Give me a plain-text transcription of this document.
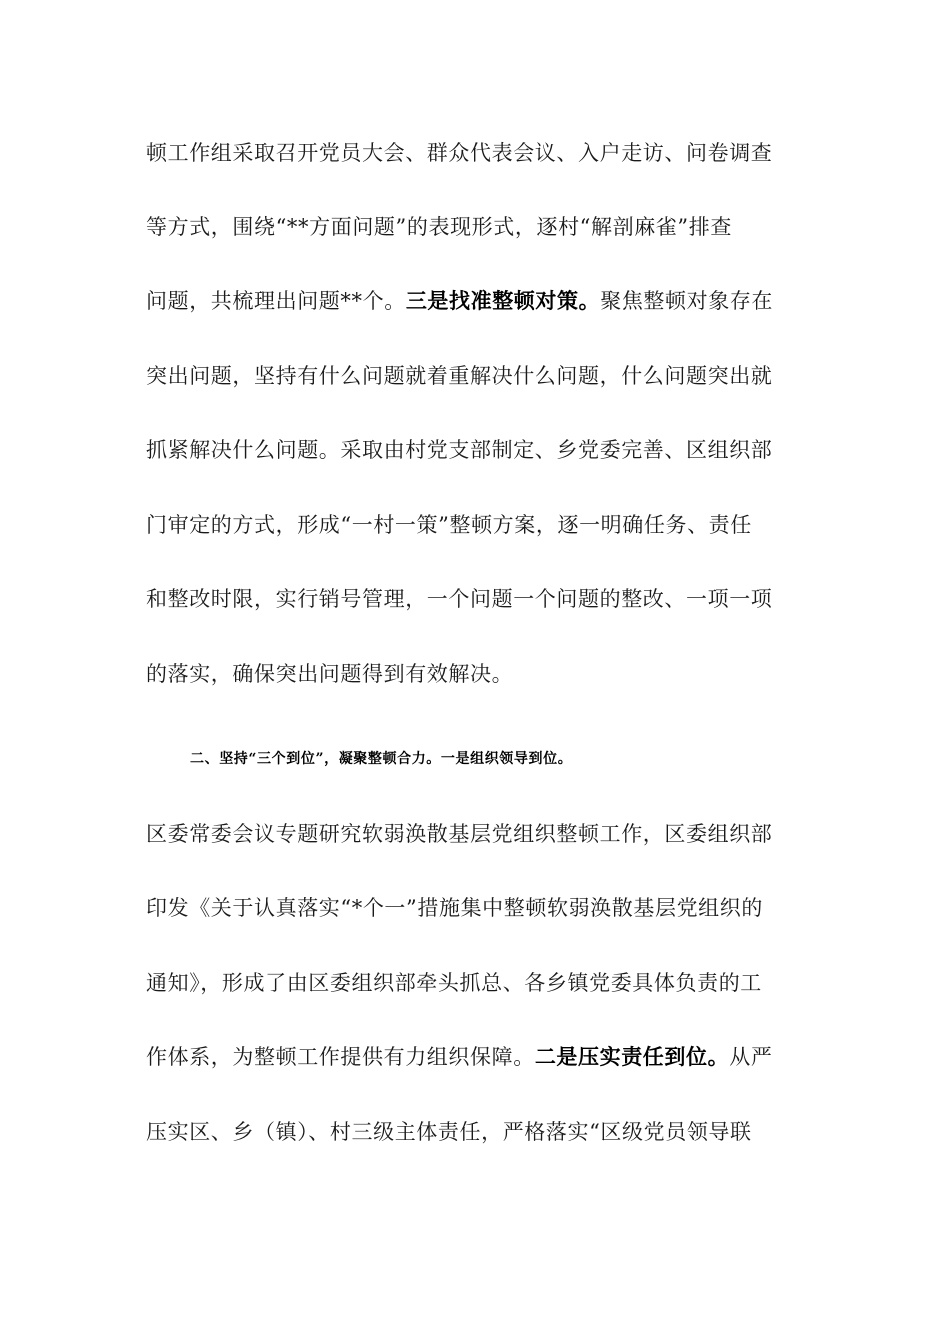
顿工作组采取召开党员大会、群众代表会议、入户走访、问卷调查
等方式，围绕“**方面问题”的表现形式，逐村“解剖麻雀”排查
问题，共梳理出问题**个。三是找准整顿对策。聚焦整顿对象存在
突出问题，坚持有什么问题就着重解决什么问题，什么问题突出就
抓紧解决什么问题。采取由村党支部制定、乡党委完善、区组织部
门审定的方式，形成“一村一策”整顿方案，逐一明确任务、责任
和整改时限，实行销号管理，一个问题一个问题的整改、一项一项
的落实，确保突出问题得到有效解决。
二、坚持“三个到位”，凝聚整顿合力。一是组织领导到位。
区委常委会议专题研究软弱涣散基层党组织整顿工作，区委组织部
印发《关于认真落实“*个一”措施集中整顿软弱涣散基层党组织的
通知》，形成了由区委组织部牵头抓总、各乡镇党委具体负责的工
作体系，为整顿工作提供有力组织保障。二是压实责任到位。从严
压实区、乡（镇）、村三级主体责任，严格落实“区级党员领导联
